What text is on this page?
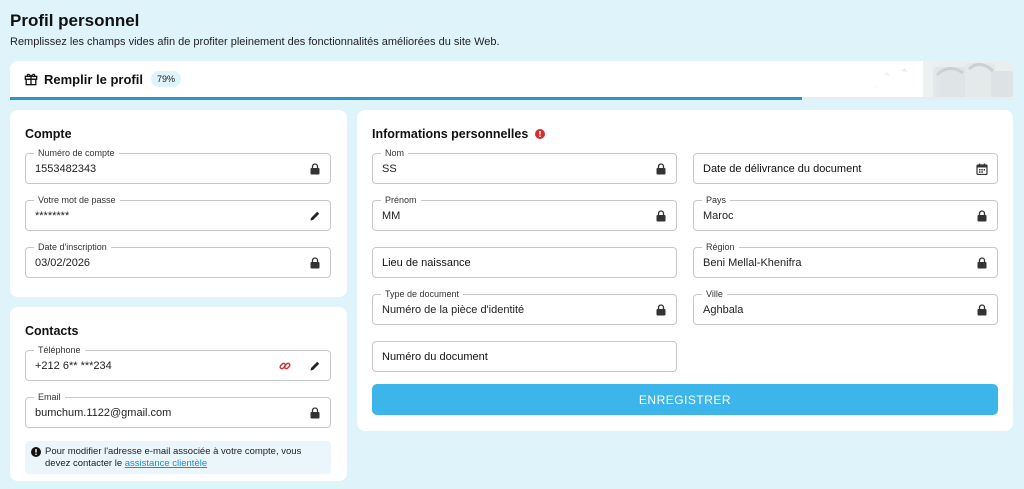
Profil personnel
Remplissez les champs vides afin de profiter pleinement des fonctionnalités améliorées du site Web.
Remplir le profil	79%
Compte
Numéro de compte
1553482343
Votre mot de passe
********
Date d'inscription
03/02/2026
Contacts
Téléphone
+212 6** ***234
Email
bumchum.1122@gmail.com
Pour modifier l'adresse e-mail associée à votre compte, vous devez contacter le assistance clientèle
Informations personnelles
Nom
SS
Prénom
MM
Lieu de naissance
Type de document
Numéro de la pièce d'identité
Numéro du document
Date de délivrance du document
Pays
Maroc
Région
Beni Mellal-Khenifra
Ville
Aghbala
ENREGISTRER
